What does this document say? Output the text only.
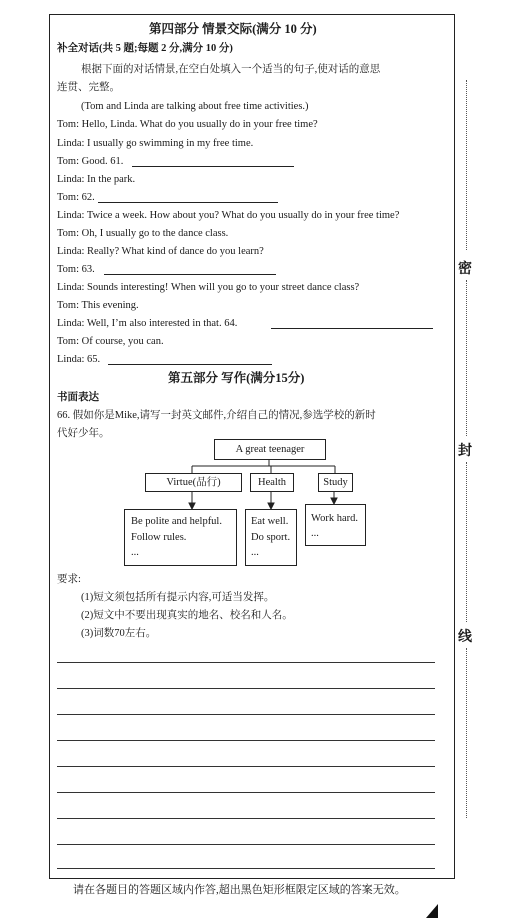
第四部分 情景交际(满分 10 分)
补全对话(共 5 题;每题 2 分,满分 10 分)
根据下面的对话情景,在空白处填入一个适当的句子,使对话的意思
连贯、完整。
(Tom and Linda are talking about free time activities.)
Tom: Hello, Linda. What do you usually do in your free time?
Linda: I usually go swimming in my free time.
Tom: Good. 61.
Linda: In the park.
Tom: 62.
Linda: Twice a week. How about you? What do you usually do in your free time?
Tom: Oh, I usually go to the dance class.
Linda: Really? What kind of dance do you learn?
Tom: 63.
Linda: Sounds interesting! When will you go to your street dance class?
Tom: This evening.
Linda: Well, I’m also interested in that. 64.
Tom: Of course, you can.
Linda: 65.
第五部分 写作(满分15分)
书面表达
66. 假如你是Mike,请写一封英文邮件,介绍自己的情况,参选学校的新时
代好少年。
A great teenager
Virtue(品行)	Health	Study
Be polite and helpful.
Follow rules.
...
Eat well.
Do sport.
...
Work hard.
...
要求:
(1)短文须包括所有提示内容,可适当发挥。
(2)短文中不要出现真实的地名、校名和人名。
(3)词数70左右。
密
封
线
请在各题目的答题区域内作答,超出黑色矩形框限定区域的答案无效。
